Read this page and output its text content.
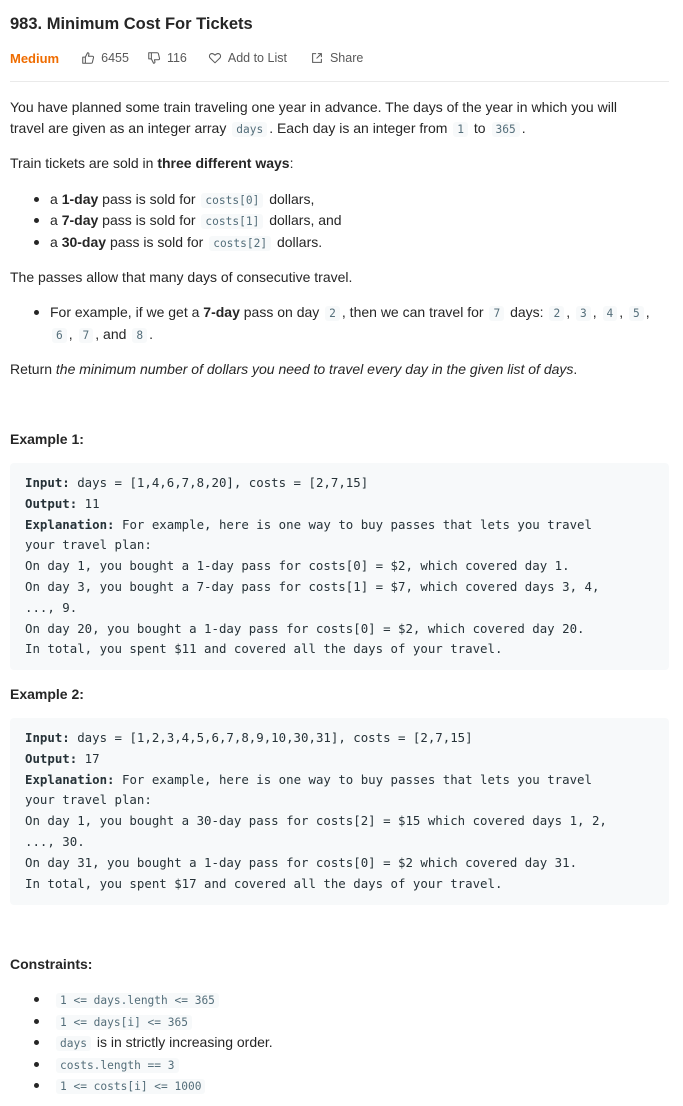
983. Minimum Cost For Tickets
Medium	6455	116	Add to List	Share
You have planned some train traveling one year in advance. The days of the year in which you will
travel are given as an integer array days . Each day is an integer from 1 to 365 .
Train tickets are sold in three different ways:
a 1-day pass is sold for costs[0] dollars,
a 7-day pass is sold for costs[1] dollars, and
a 30-day pass is sold for costs[2] dollars.
The passes allow that many days of consecutive travel.
For example, if we get a 7-day pass on day 2 , then we can travel for 7 days: 2 , 3 , 4 , 5 ,
6 , 7 , and 8 .
Return the minimum number of dollars you need to travel every day in the given list of days.
Example 1:
Input: days = [1,4,6,7,8,20], costs = [2,7,15]
Output: 11
Explanation: For example, here is one way to buy passes that lets you travel
your travel plan:
On day 1, you bought a 1-day pass for costs[0] = $2, which covered day 1.
On day 3, you bought a 7-day pass for costs[1] = $7, which covered days 3, 4,
..., 9.
On day 20, you bought a 1-day pass for costs[0] = $2, which covered day 20.
In total, you spent $11 and covered all the days of your travel.
Example 2:
Input: days = [1,2,3,4,5,6,7,8,9,10,30,31], costs = [2,7,15]
Output: 17
Explanation: For example, here is one way to buy passes that lets you travel
your travel plan:
On day 1, you bought a 30-day pass for costs[2] = $15 which covered days 1, 2,
..., 30.
On day 31, you bought a 1-day pass for costs[0] = $2 which covered day 31.
In total, you spent $17 and covered all the days of your travel.
Constraints:
1 <= days.length <= 365
1 <= days[i] <= 365
days is in strictly increasing order.
costs.length == 3
1 <= costs[i] <= 1000
